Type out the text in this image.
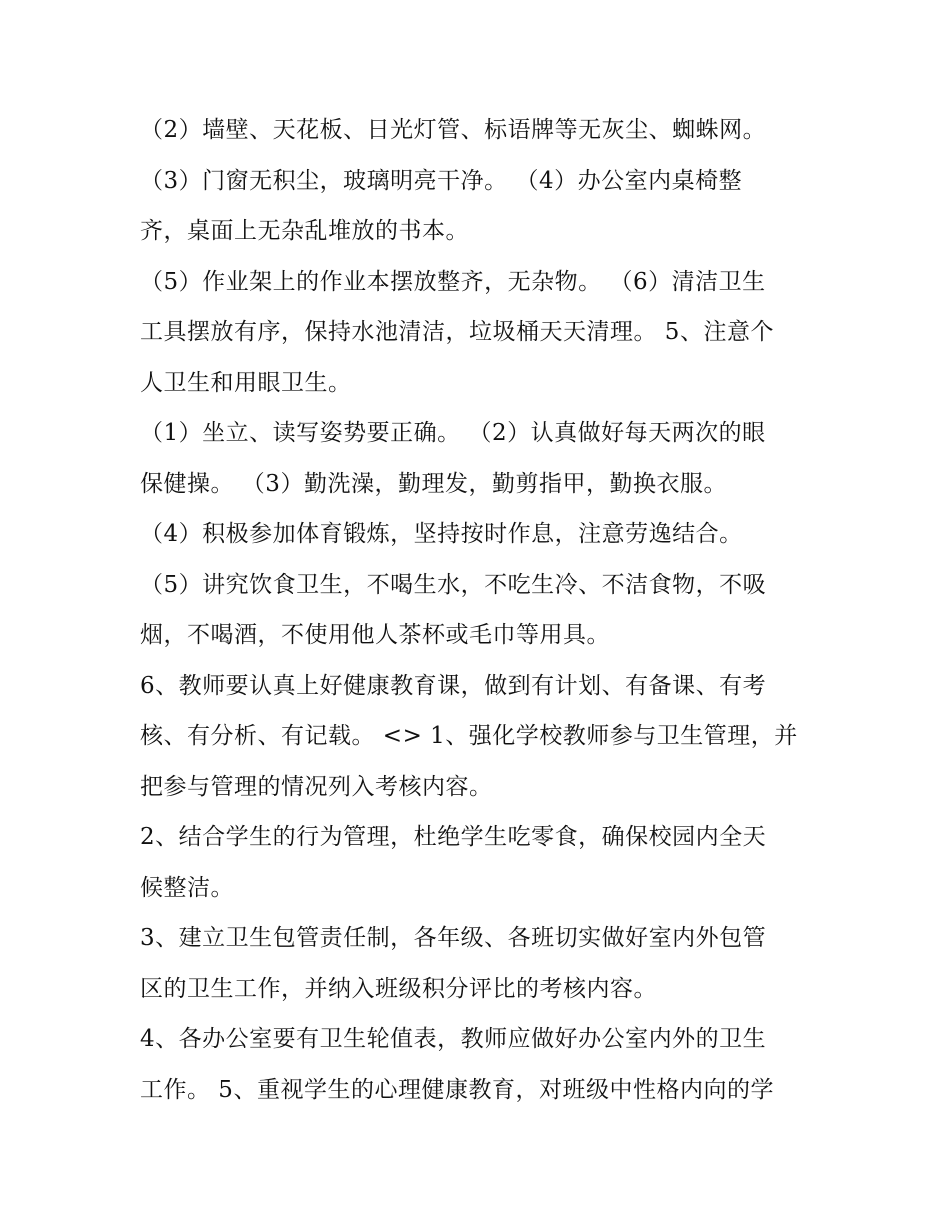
（2）墙壁、天花板、日光灯管、标语牌等无灰尘、蜘蛛网。
（3）门窗无积尘，玻璃明亮干净。 （4）办公室内桌椅整
齐，桌面上无杂乱堆放的书本。
（5）作业架上的作业本摆放整齐，无杂物。 （6）清洁卫生
工具摆放有序，保持水池清洁，垃圾桶天天清理。 5、注意个
人卫生和用眼卫生。
（1）坐立、读写姿势要正确。 （2）认真做好每天两次的眼
保健操。 （3）勤洗澡，勤理发，勤剪指甲，勤换衣服。
（4）积极参加体育锻炼，坚持按时作息，注意劳逸结合。
（5）讲究饮食卫生，不喝生水，不吃生冷、不洁食物，不吸
烟，不喝酒，不使用他人茶杯或毛巾等用具。
6、教师要认真上好健康教育课，做到有计划、有备课、有考
核、有分析、有记载。 <> 1、强化学校教师参与卫生管理，并
把参与管理的情况列入考核内容。
2、结合学生的行为管理，杜绝学生吃零食，确保校园内全天
候整洁。
3、建立卫生包管责任制，各年级、各班切实做好室内外包管
区的卫生工作，并纳入班级积分评比的考核内容。
4、各办公室要有卫生轮值表，教师应做好办公室内外的卫生
工作。 5、重视学生的心理健康教育，对班级中性格内向的学
